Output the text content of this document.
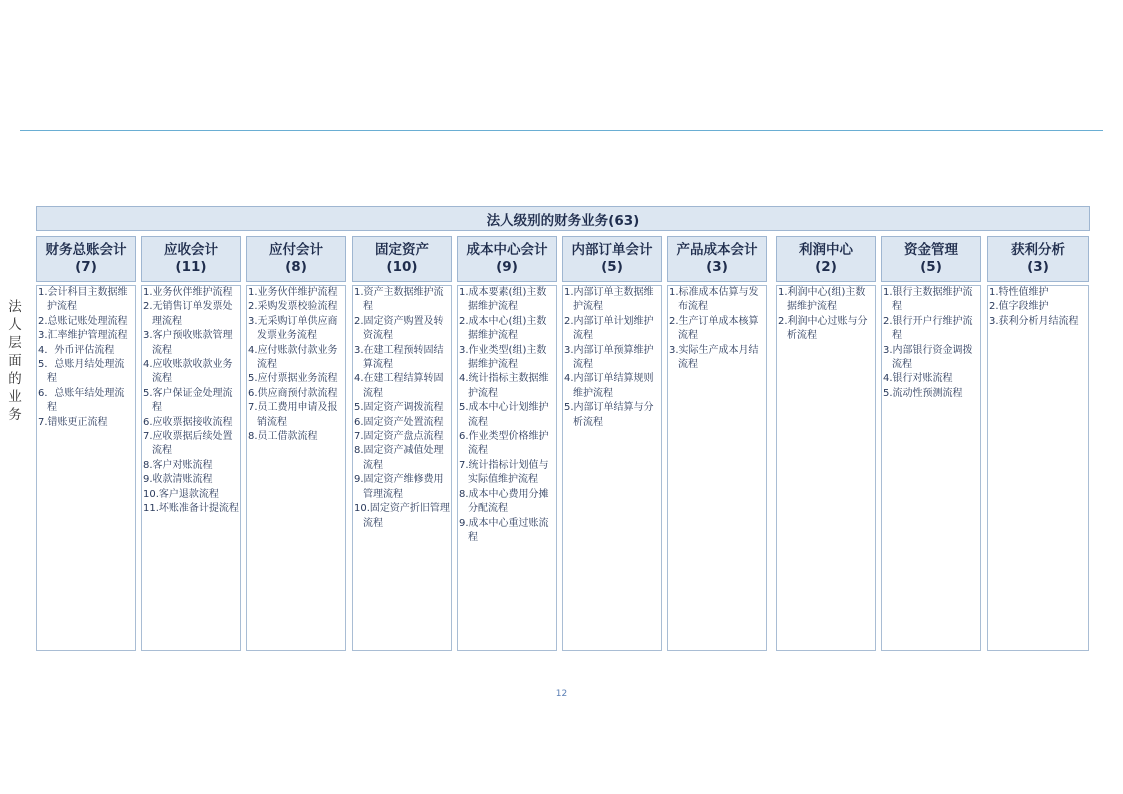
法人级别的财务业务(63)
法人层面的业务
财务总账会计
(7)
1.会计科目主数据维护流程
2.总账记账处理流程
3.汇率维护管理流程
4．外币评估流程
5．总账月结处理流程
6．总账年结处理流程
7.错账更正流程
应收会计
(11)
1.业务伙伴维护流程
2.无销售订单发票处理流程
3.客户预收账款管理流程
4.应收账款收款业务流程
5.客户保证金处理流程
6.应收票据接收流程
7.应收票据后续处置流程
8.客户对账流程
9.收款清账流程
10.客户退款流程
11.坏账准备计提流程
应付会计
(8)
1.业务伙伴维护流程
2.采购发票校验流程
3.无采购订单供应商发票业务流程
4.应付账款付款业务流程
5.应付票据业务流程
6.供应商预付款流程
7.员工费用申请及报销流程
8.员工借款流程
固定资产
(10)
1.资产主数据维护流程
2.固定资产购置及转资流程
3.在建工程预转固结算流程
4.在建工程结算转固流程
5.固定资产调拨流程
6.固定资产处置流程
7.固定资产盘点流程
8.固定资产减值处理流程
9.固定资产维修费用管理流程
10.固定资产折旧管理流程
成本中心会计
(9)
1.成本要素(组)主数据维护流程
2.成本中心(组)主数据维护流程
3.作业类型(组)主数据维护流程
4.统计指标主数据维护流程
5.成本中心计划维护流程
6.作业类型价格维护流程
7.统计指标计划值与实际值维护流程
8.成本中心费用分摊分配流程
9.成本中心重过账流程
内部订单会计
(5)
1.内部订单主数据维护流程
2.内部订单计划维护流程
3.内部订单预算维护流程
4.内部订单结算规则维护流程
5.内部订单结算与分析流程
产品成本会计
(3)
1.标准成本估算与发布流程
2.生产订单成本核算流程
3.实际生产成本月结流程
利润中心
(2)
1.利润中心(组)主数据维护流程
2.利润中心过账与分析流程
资金管理
(5)
1.银行主数据维护流程
2.银行开户行维护流程
3.内部银行资金调拨流程
4.银行对账流程
5.流动性预测流程
获利分析
(3)
1.特性值维护
2.值字段维护
3.获利分析月结流程
12
